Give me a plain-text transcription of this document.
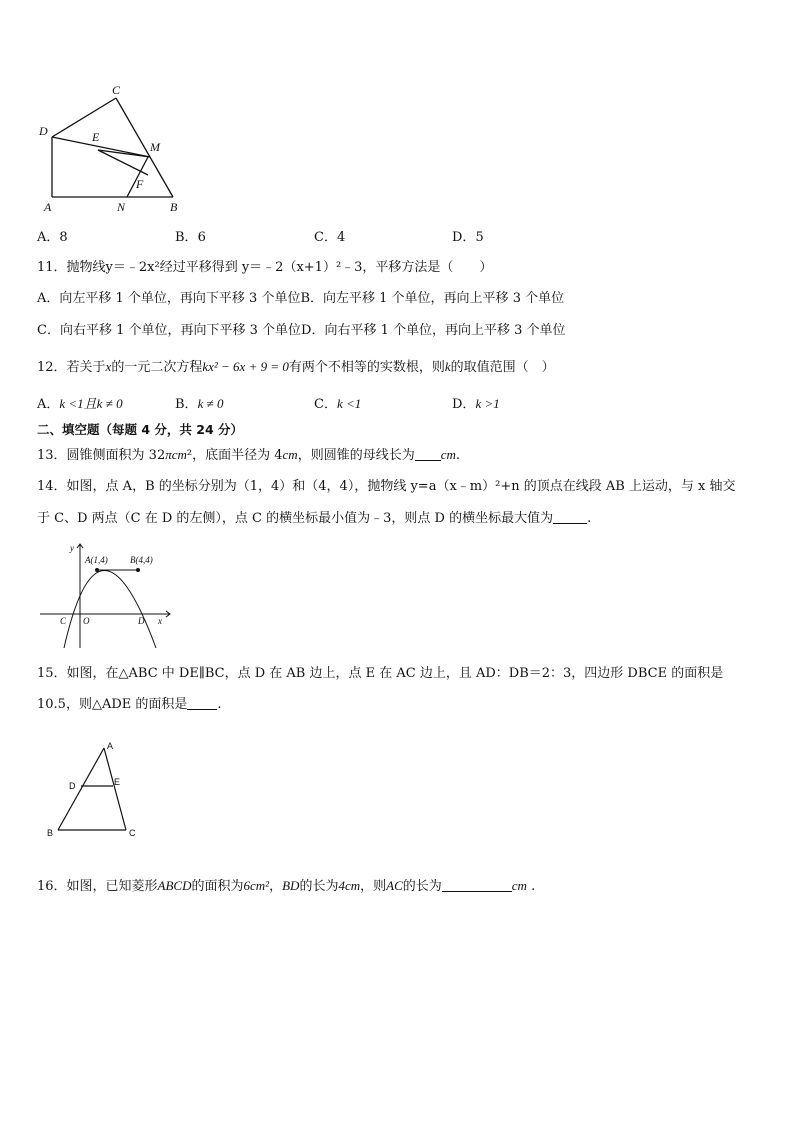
C
D	E
M
F
A	N	B
A．8	B．6	C．4	D．5
11．抛物线y＝﹣2x²经过平移得到 y＝﹣2（x+1）²﹣3，平移方法是（　　）
A．向左平移 1 个单位，再向下平移 3 个单位B．向左平移 1 个单位，再向上平移 3 个单位
C．向右平移 1 个单位，再向下平移 3 个单位D．向右平移 1 个单位，再向上平移 3 个单位
12．若关于x的一元二次方程kx² − 6x + 9 = 0有两个不相等的实数根，则k的取值范围（　）
A．k <1且k ≠ 0	B．k ≠ 0	C．k <1	D．k >1
二、填空题（每题 4 分，共 24 分）
13．圆锥侧面积为 32πcm²，底面半径为 4cm，则圆锥的母线长为 cm.
14．如图，点 A，B 的坐标分别为（1，4）和（4，4），抛物线 y=a（x﹣m）²+n 的顶点在线段 AB 上运动，与 x 轴交
于 C、D 两点（C 在 D 的左侧），点 C 的横坐标最小值为﹣3，则点 D 的横坐标最大值为	.
y
A(1,4) B(4,4)
C O	D x
15．如图，在△ABC 中 DE∥BC，点 D 在 AB 边上，点 E 在 AC 边上，且 AD：DB＝2：3，四边形 DBCE 的面积是
10.5，则△ADE 的面积是 .
A
D	E
B	C
16．如图，已知菱形ABCD的面积为6cm²，BD的长为4cm，则AC的长为	cm .
